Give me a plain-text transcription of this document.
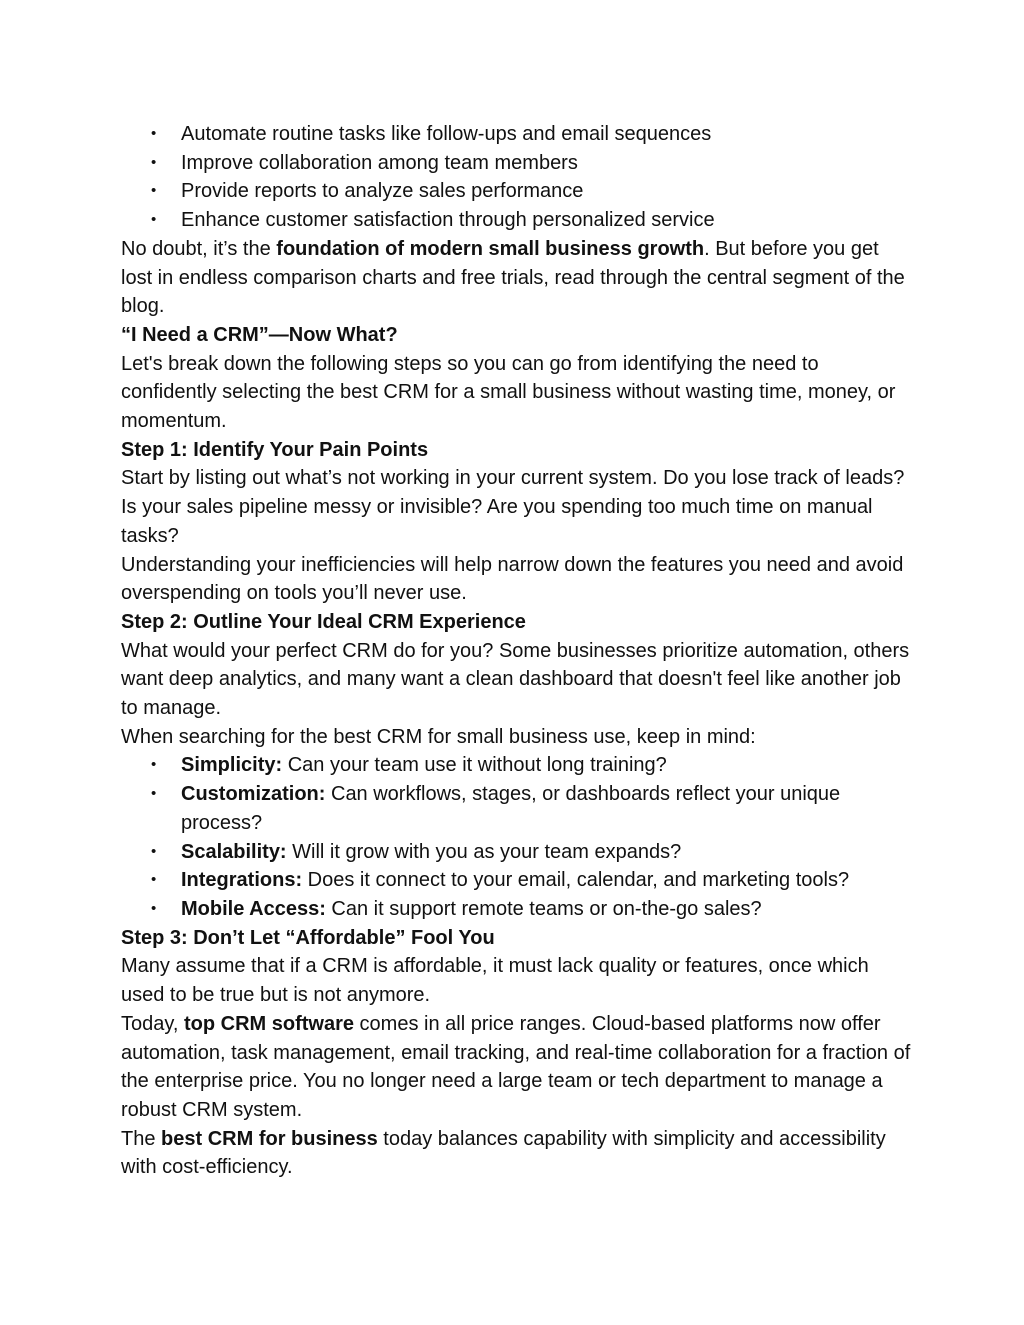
• Automate routine tasks like follow-ups and email sequences
• Improve collaboration among team members
• Provide reports to analyze sales performance
• Enhance customer satisfaction through personalized service

No doubt, it’s the foundation of modern small business growth. But before you get lost in endless comparison charts and free trials, read through the central segment of the blog.

“I Need a CRM”—Now What?

Let's break down the following steps so you can go from identifying the need to confidently selecting the best CRM for a small business without wasting time, money, or momentum.

Step 1: Identify Your Pain Points

Start by listing out what’s not working in your current system. Do you lose track of leads? Is your sales pipeline messy or invisible? Are you spending too much time on manual tasks?

Understanding your inefficiencies will help narrow down the features you need and avoid overspending on tools you’ll never use.

Step 2: Outline Your Ideal CRM Experience

What would your perfect CRM do for you? Some businesses prioritize automation, others want deep analytics, and many want a clean dashboard that doesn't feel like another job to manage.

When searching for the best CRM for small business use, keep in mind:

• Simplicity: Can your team use it without long training?
• Customization: Can workflows, stages, or dashboards reflect your unique process?
• Scalability: Will it grow with you as your team expands?
• Integrations: Does it connect to your email, calendar, and marketing tools?
• Mobile Access: Can it support remote teams or on-the-go sales?
Step 3: Don’t Let “Affordable” Fool You

Many assume that if a CRM is affordable, it must lack quality or features, once which used to be true but is not anymore.

Today, top CRM software comes in all price ranges. Cloud-based platforms now offer automation, task management, email tracking, and real-time collaboration for a fraction of the enterprise price. You no longer need a large team or tech department to manage a robust CRM system.

The best CRM for business today balances capability with simplicity and accessibility with cost-efficiency.
